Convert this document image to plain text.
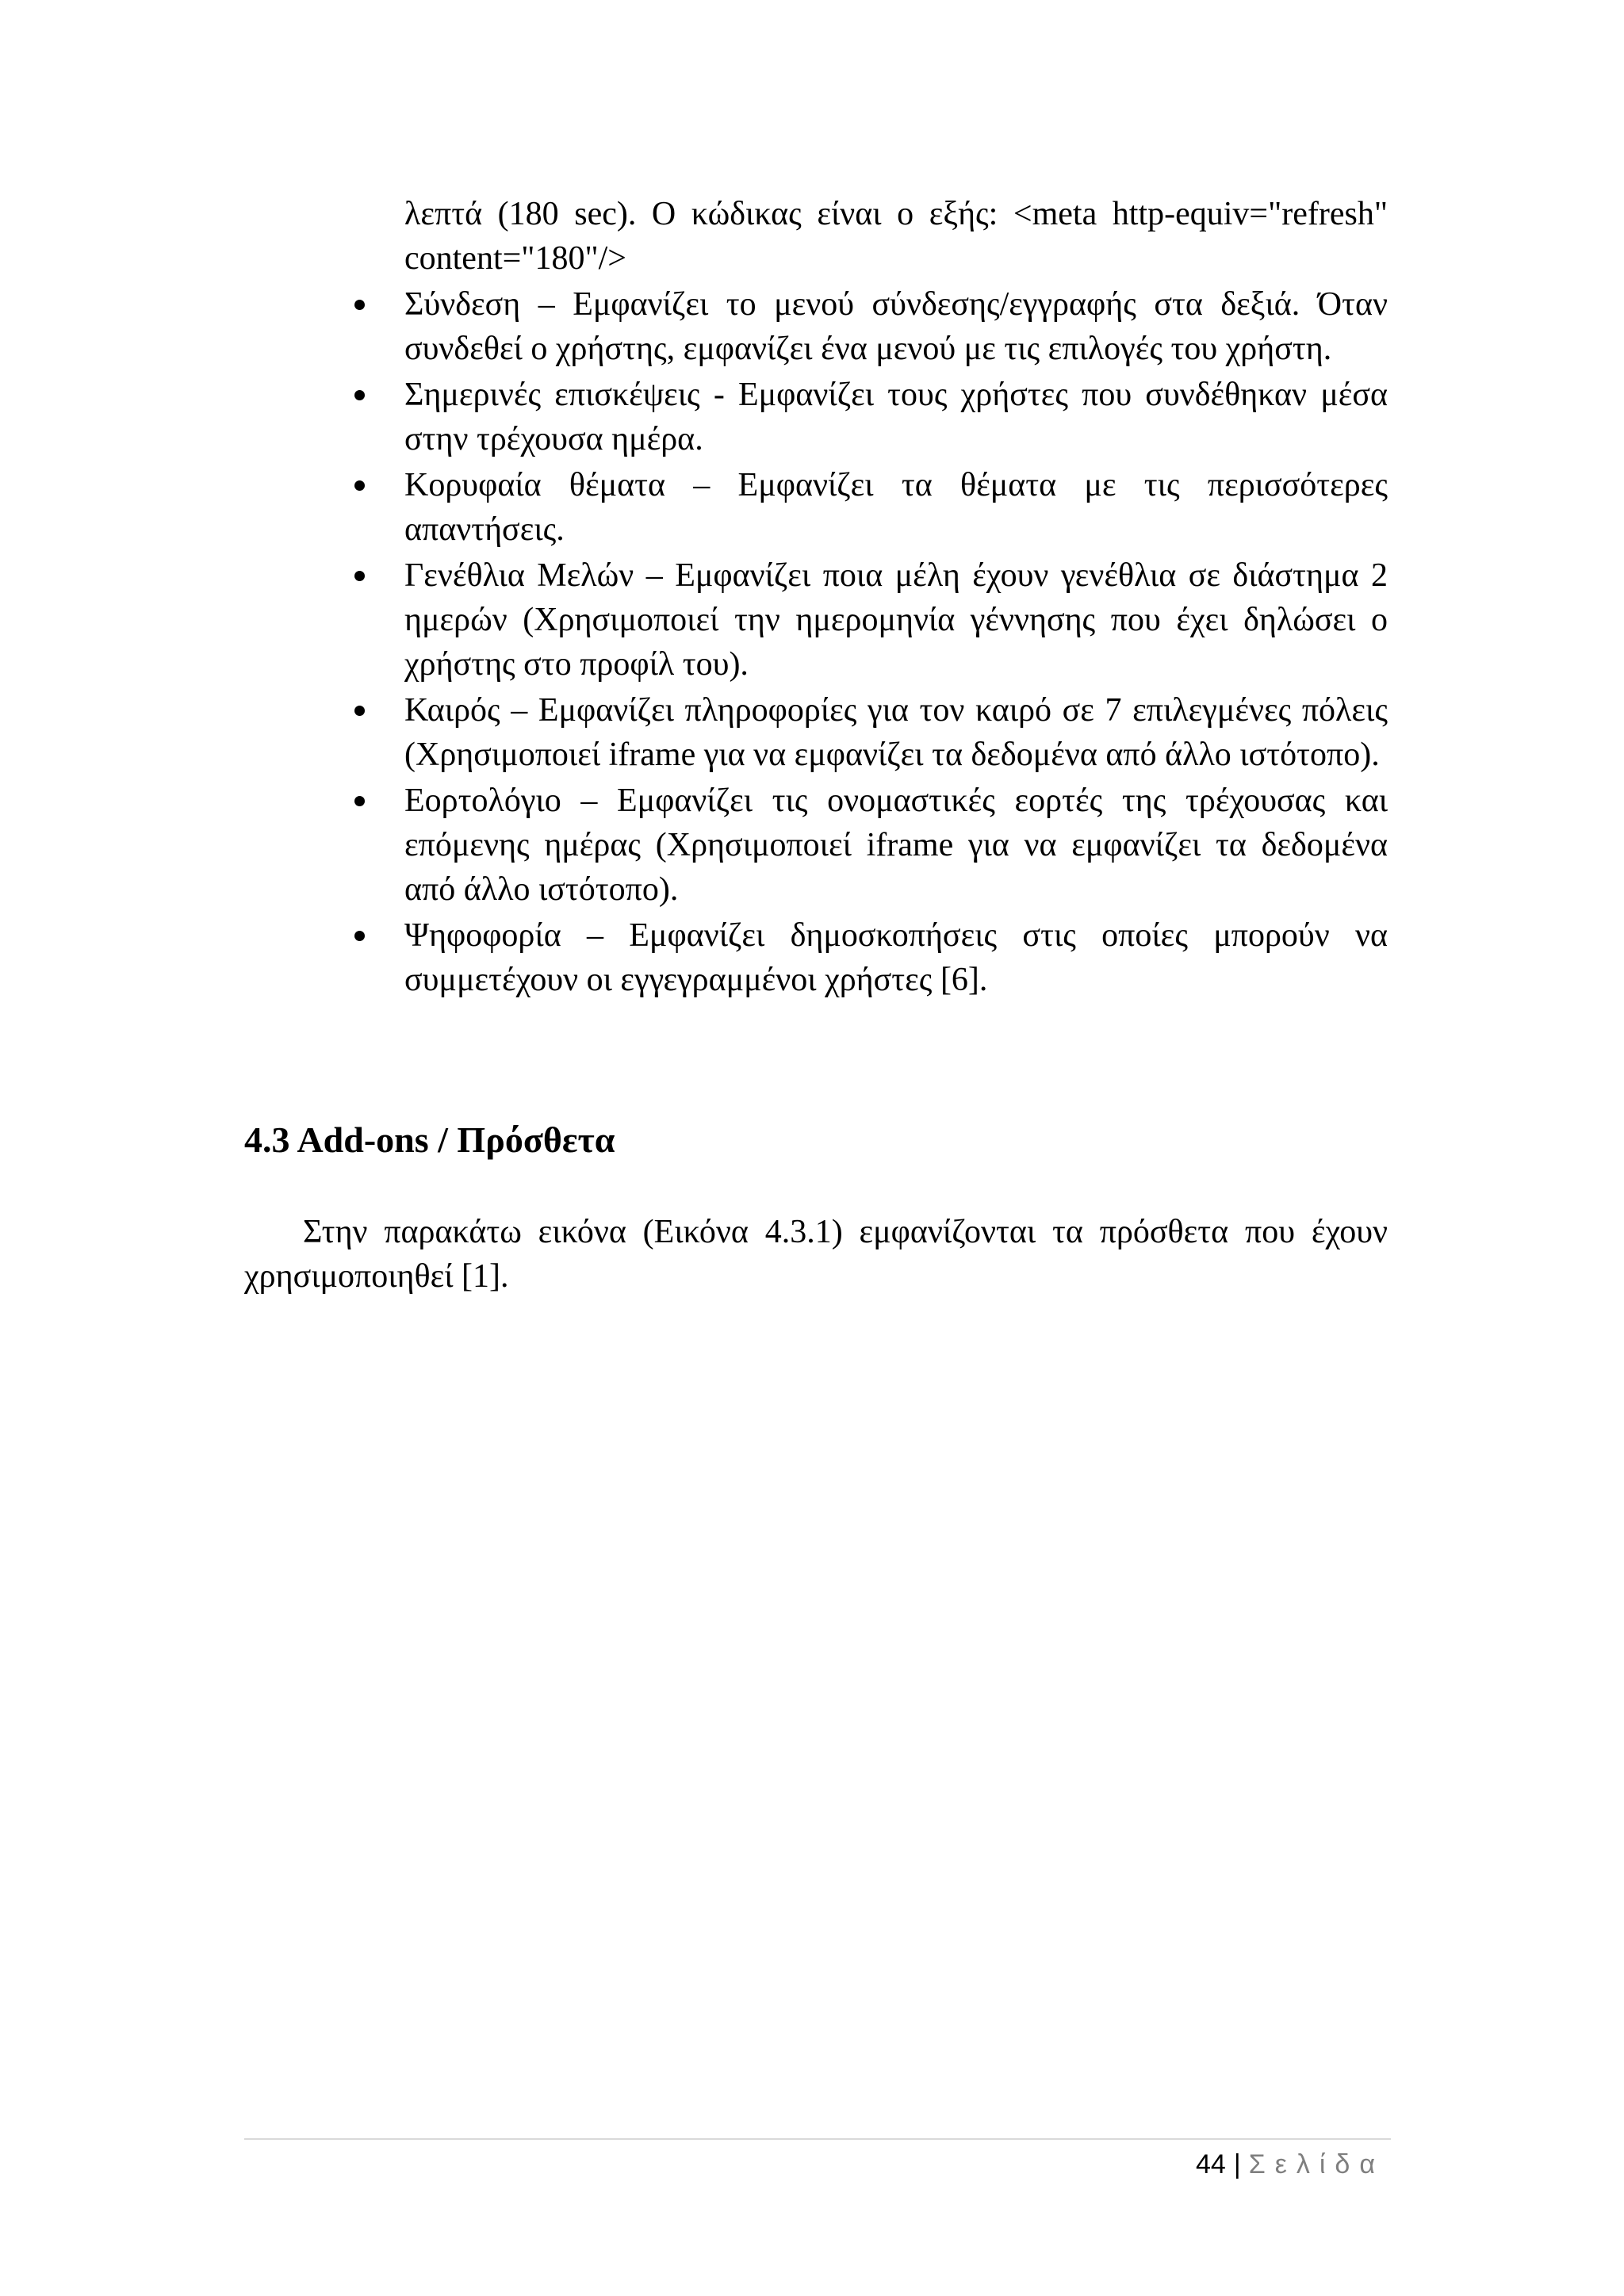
λεπτά (180 sec). Ο κώδικας είναι ο εξής: <meta http-equiv="refresh" content="180"/>

Σύνδεση – Εμφανίζει το μενού σύνδεσης/εγγραφής στα δεξιά. Όταν συνδεθεί ο χρήστης, εμφανίζει ένα μενού με τις επιλογές του χρήστη.
Σημερινές επισκέψεις - Εμφανίζει τους χρήστες που συνδέθηκαν μέσα στην τρέχουσα ημέρα.
Κορυφαία θέματα – Εμφανίζει τα θέματα με τις περισσότερες απαντήσεις.
Γενέθλια Μελών – Εμφανίζει ποια μέλη έχουν γενέθλια σε διάστημα 2 ημερών (Χρησιμοποιεί την ημερομηνία γέννησης που έχει δηλώσει ο χρήστης στο προφίλ του).
Καιρός – Εμφανίζει πληροφορίες για τον καιρό σε 7 επιλεγμένες πόλεις (Χρησιμοποιεί iframe για να εμφανίζει τα δεδομένα από άλλο ιστότοπο).
Εορτολόγιο – Εμφανίζει τις ονομαστικές εορτές της τρέχουσας και επόμενης ημέρας (Χρησιμοποιεί iframe για να εμφανίζει τα δεδομένα από άλλο ιστότοπο).
Ψηφοφορία – Εμφανίζει δημοσκοπήσεις στις οποίες μπορούν να συμμετέχουν οι εγγεγραμμένοι χρήστες [6].
4.3 Add-ons / Πρόσθετα

Στην παρακάτω εικόνα (Εικόνα 4.3.1) εμφανίζονται τα πρόσθετα που έχουν χρησιμοποιηθεί [1].

44 | Σελίδα
